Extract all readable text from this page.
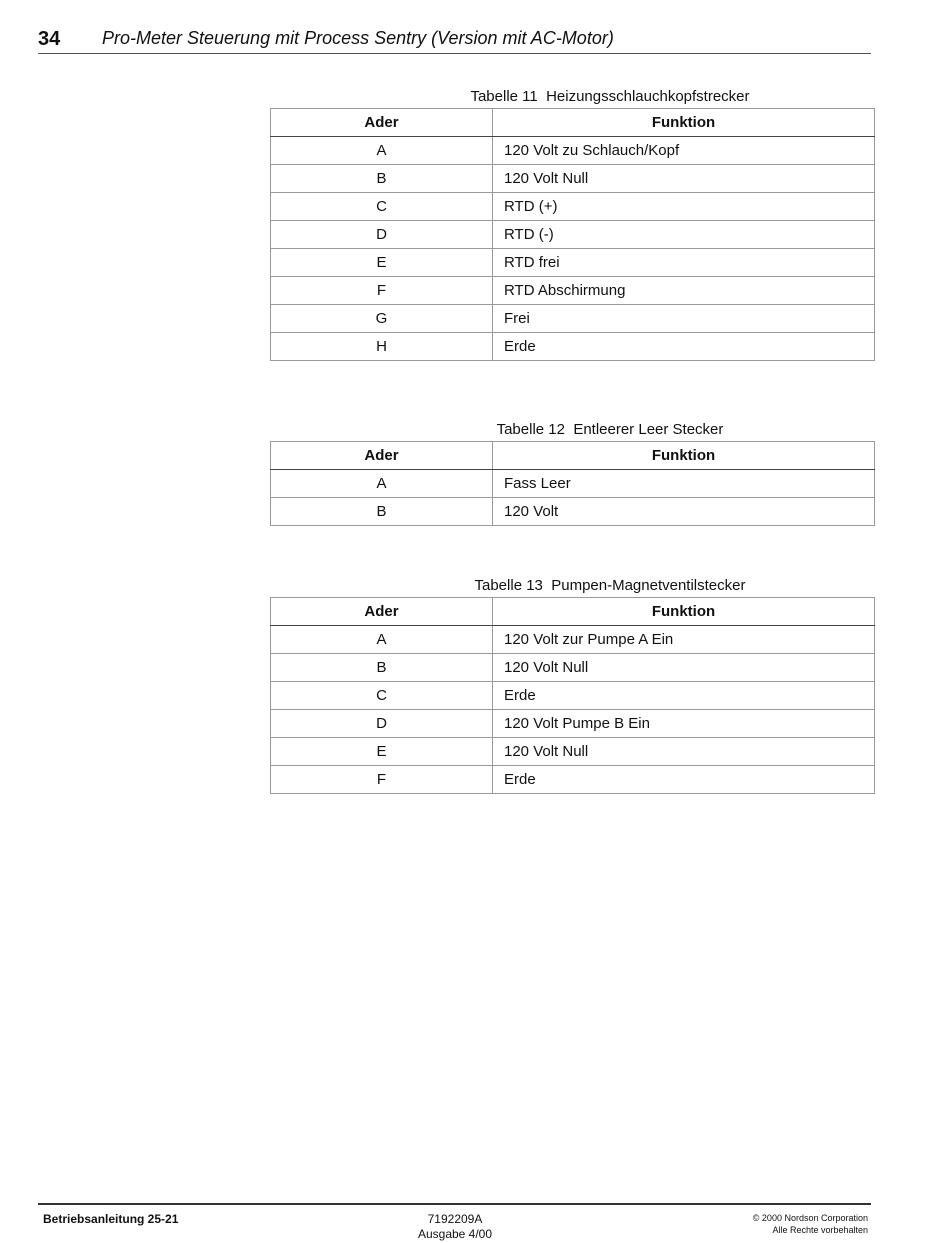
34 Pro-Meter Steuerung mit Process Sentry (Version mit AC-Motor)
Tabelle 11  Heizungsschlauchkopfstrecker
Ader	Funktion
A	120 Volt zu Schlauch/Kopf
B	120 Volt Null
C	RTD (+)
D	RTD (-)
E	RTD frei
F	RTD Abschirmung
G	Frei
H	Erde
Tabelle 12  Entleerer Leer Stecker
Ader	Funktion
A	Fass Leer
B	120 Volt
Tabelle 13  Pumpen-Magnetventilstecker
Ader	Funktion
A	120 Volt zur Pumpe A Ein
B	120 Volt Null
C	Erde
D	120 Volt Pumpe B Ein
E	120 Volt Null
F	Erde
Betriebsanleitung 25-21	7192209A
Ausgabe 4/00
© 2000 Nordson Corporation
Alle Rechte vorbehalten
